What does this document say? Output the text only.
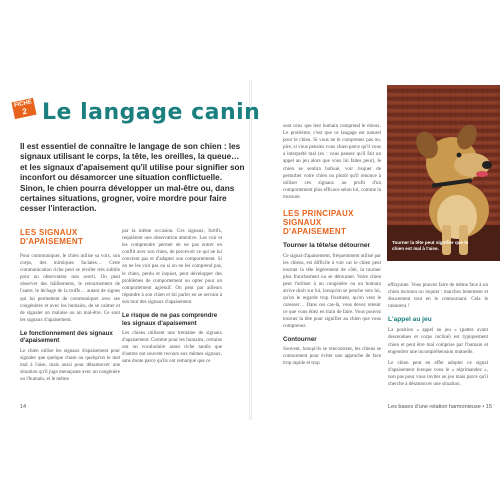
FICHE
2 Le langage canin
Il est essentiel de connaître le langage de son chien : les signaux utilisant le corps, la tête, les oreilles, la queue… et les signaux d'apaisement qu'il utilise pour signifier son inconfort ou désamorcer une situation conflictuelle. Sinon, le chien pourra développer un mal-être ou, dans certaines situations, grogner, voire mordre pour faire cesser l'interaction.
LES SIGNAUX D'APAISEMENT
Pour communiquer, le chien utilise sa voix, son corps, des mimiques faciales… Cette communication riche peut se révéler très subtile pour un observateur non averti. On peut observer des bâillements, le retournement de l'autre, le léchage de la truffe… autant de signes qui lui permettent de communiquer avec ses congénères et avec les humains, de se calmer et de signaler un malaise ou un mal-être. Ce sont les signaux d'apaisement.
Le fonctionnement des signaux d'apaisement
Le chien utilise les signaux d'apaisement pour signaler que quelque chose ou quelqu'un le met mal à l'aise, mais aussi pour désamorcer une situation qu'il juge menaçante avec un congénère ou l'humain, et le même
par la même occasion. Ces signaux, furtifs, requièrent une observation attentive. Les voir et les comprendre permet de ne pas entrer en conflit avec son chien, de percevoir ce qui ne lui convient pas et d'adapter son comportement. Si on ne les voit pas ou si on ne les comprend pas, le chien, perdu et inquiet, peut développer des problèmes de comportement ou opter pour un comportement agressif. On peut par ailleurs répondre à son chien et lui parler en se servant à son tour des signaux d'apaisement.
Le risque de ne pas comprendre les signaux d'apaisement
Les chiens utilisent une trentaine de signaux d'apaisement. Comme pour les humains, certains ont un vocabulaire assez riche tandis que d'autres ont souvent recours aux mêmes signaux, sans doute parce qu'ils ont remarqué que ce
14
sont ceux que leur humain comprend le mieux. Le problème, c'est que ce langage est naturel pour le chien. Si vous ne le comprenez pas ou, pire, si vous pensiez vous chien parce qu'il vous a interprété mal (ex : vous pensez qu'il fait un appel au jeu alors que vous lui faites peur), le chien se sentira bafoué, voir risquer de perturber votre chien ou plutôt qu'il renonce à utiliser ces signaux au profit d'un comportement plus efficace selon lui, comme la morsure.
LES PRINCIPAUX SIGNAUX D'APAISEMENT
Tourner la tête/se détourner
Ce signal d'apaisement, fréquemment utilisé par les chiens, est difficile à voir car le chien peut tourner la tête légèrement de côté, la tourner plus franchement ou se détourner. Votre chien peut l'utiliser à un congénère ou un humain arrive droit sur lui, lorsqu'on se penche vers lui, qu'on le regarde trop fixement, qu'on veut le caresser… Dans ces cas-là, vous devez retenir ce que vous étiez en train de faire. Vous pouvez tourner la tête pour signifier au chien que vous comprenez.
Contourner
Souvent, lorsqu'ils se rencontrent, les chiens se contournent pour éviter une approche de face trop rapide et trop
Tourner la tête peut signifier que le chien est mal à l'aise.
effrayante. Vous pouvez faire de même face à un chien inconnu ou inquiet : marchez lentement et doucement tout en le contournant. Cela le rassurera !
L'appel au jeu
La position « appel au jeu » (pattes avant descendues et corps incliné) est typiquement chien et peut être mal comprise par l'humain et engendrer une incompréhension mutuelle.
Le chien peut en effet adopter ce signal d'apaisement lorsque vous le « réprimandez », non pas pour vous inviter au jeu mais parce qu'il cherche à désamorcer une situation.
Les bases d'une relation harmonieuse • 15
